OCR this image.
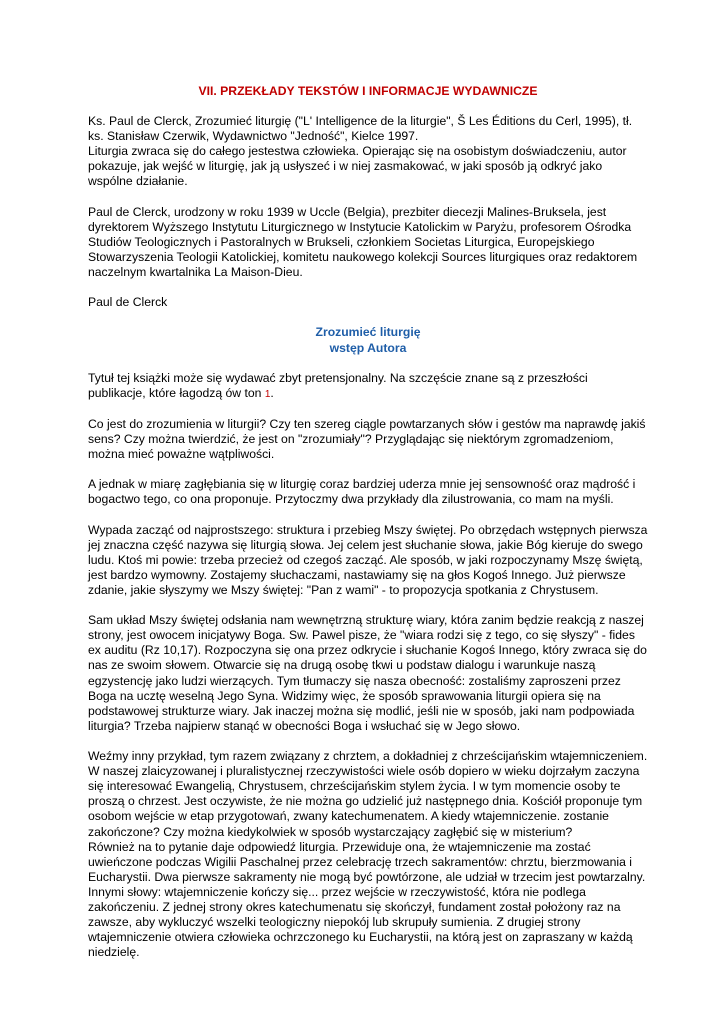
VII. PRZEKŁADY TEKSTÓW I INFORMACJE WYDAWNICZE

Ks. Paul de Clerck, Zrozumieć liturgię ("L' Intelligence de la liturgie", Š Les Éditions du Cerl, 1995), tł. ks. Stanisław Czerwik, Wydawnictwo "Jedność", Kielce 1997.

Liturgia zwraca się do całego jestestwa człowieka. Opierając się na osobistym doświadczeniu, autor pokazuje, jak wejść w liturgię, jak ją usłyszeć i w niej zasmakować, w jaki sposób ją odkryć jako wspólne działanie.

Paul de Clerck, urodzony w roku 1939 w Uccle (Belgia), prezbiter diecezji Malines-Bruksela, jest dyrektorem Wyższego Instytutu Liturgicznego w Instytucie Katolickim w Paryżu, profesorem Ośrodka Studiów Teologicznych i Pastoralnych w Brukseli, członkiem Societas Liturgica, Europejskiego Stowarzyszenia Teologii Katolickiej, komitetu naukowego kolekcji Sources liturgiques oraz redaktorem naczelnym kwartalnika La Maison-Dieu.

Paul de Clerck

Zrozumieć liturgię
wstęp Autora

Tytuł tej książki może się wydawać zbyt pretensjonalny. Na szczęście znane są z przeszłości publikacje, które łagodzą ów ton 1.

Co jest do zrozumienia w liturgii? Czy ten szereg ciągle powtarzanych słów i gestów ma naprawdę jakiś sens? Czy można twierdzić, że jest on "zrozumiały"? Przyglądając się niektórym zgromadzeniom, można mieć poważne wątpliwości.

A jednak w miarę zagłębiania się w liturgię coraz bardziej uderza mnie jej sensowność oraz mądrość i bogactwo tego, co ona proponuje. Przytoczmy dwa przykłady dla zilustrowania, co mam na myśli.

Wypada zacząć od najprostszego: struktura i przebieg Mszy świętej. Po obrzędach wstępnych pierwsza jej znaczna część nazywa się liturgią słowa. Jej celem jest słuchanie słowa, jakie Bóg kieruje do swego ludu. Ktoś mi powie: trzeba przecież od czegoś zacząć. Ale sposób, w jaki rozpoczynamy Mszę świętą, jest bardzo wymowny. Zostajemy słuchaczami, nastawiamy się na głos Kogoś Innego. Już pierwsze zdanie, jakie słyszymy we Mszy świętej: "Pan z wami" - to propozycja spotkania z Chrystusem.

Sam układ Mszy świętej odsłania nam wewnętrzną strukturę wiary, która zanim będzie reakcją z naszej strony, jest owocem inicjatywy Boga. Sw. Pawel pisze, że "wiara rodzi się z tego, co się słyszy" - fides ex auditu (Rz 10,17). Rozpoczyna się ona przez odkrycie i słuchanie Kogoś Innego, który zwraca się do nas ze swoim słowem. Otwarcie się na drugą osobę tkwi u podstaw dialogu i warunkuje naszą egzystencję jako ludzi wierzących. Tym tłumaczy się nasza obecność: zostaliśmy zaproszeni przez Boga na ucztę weselną Jego Syna. Widzimy więc, że sposób sprawowania liturgii opiera się na podstawowej strukturze wiary. Jak inaczej można się modlić, jeśli nie w sposób, jaki nam podpowiada liturgia? Trzeba najpierw stanąć w obecności Boga i wsłuchać się w Jego słowo.

Weźmy inny przykład, tym razem związany z chrztem, a dokładniej z chrześcijańskim wtajemniczeniem. W naszej zlaicyzowanej i pluralistycznej rzeczywistości wiele osób dopiero w wieku dojrzałym zaczyna się interesować Ewangelią, Chrystusem, chrześcijańskim stylem życia. I w tym momencie osoby te proszą o chrzest. Jest oczywiste, że nie można go udzielić już następnego dnia. Kościół proponuje tym osobom wejście w etap przygotowań, zwany katechumenatem. A kiedy wtajemniczenie. zostanie zakończone? Czy można kiedykolwiek w sposób wystarczający zagłębić się w misterium?

Również na to pytanie daje odpowiedź liturgia. Przewiduje ona, że wtajemniczenie ma zostać uwieńczone podczas Wigilii Paschalnej przez celebrację trzech sakramentów: chrztu, bierzmowania i Eucharystii. Dwa pierwsze sakramenty nie mogą być powtórzone, ale udział w trzecim jest powtarzalny. Innymi słowy: wtajemniczenie kończy się... przez wejście w rzeczywistość, która nie podlega zakończeniu. Z jednej strony okres katechumenatu się skończył, fundament został położony raz na zawsze, aby wykluczyć wszelki teologiczny niepokój lub skrupuły sumienia. Z drugiej strony wtajemniczenie otwiera człowieka ochrzczonego ku Eucharystii, na którą jest on zapraszany w każdą niedzielę.
